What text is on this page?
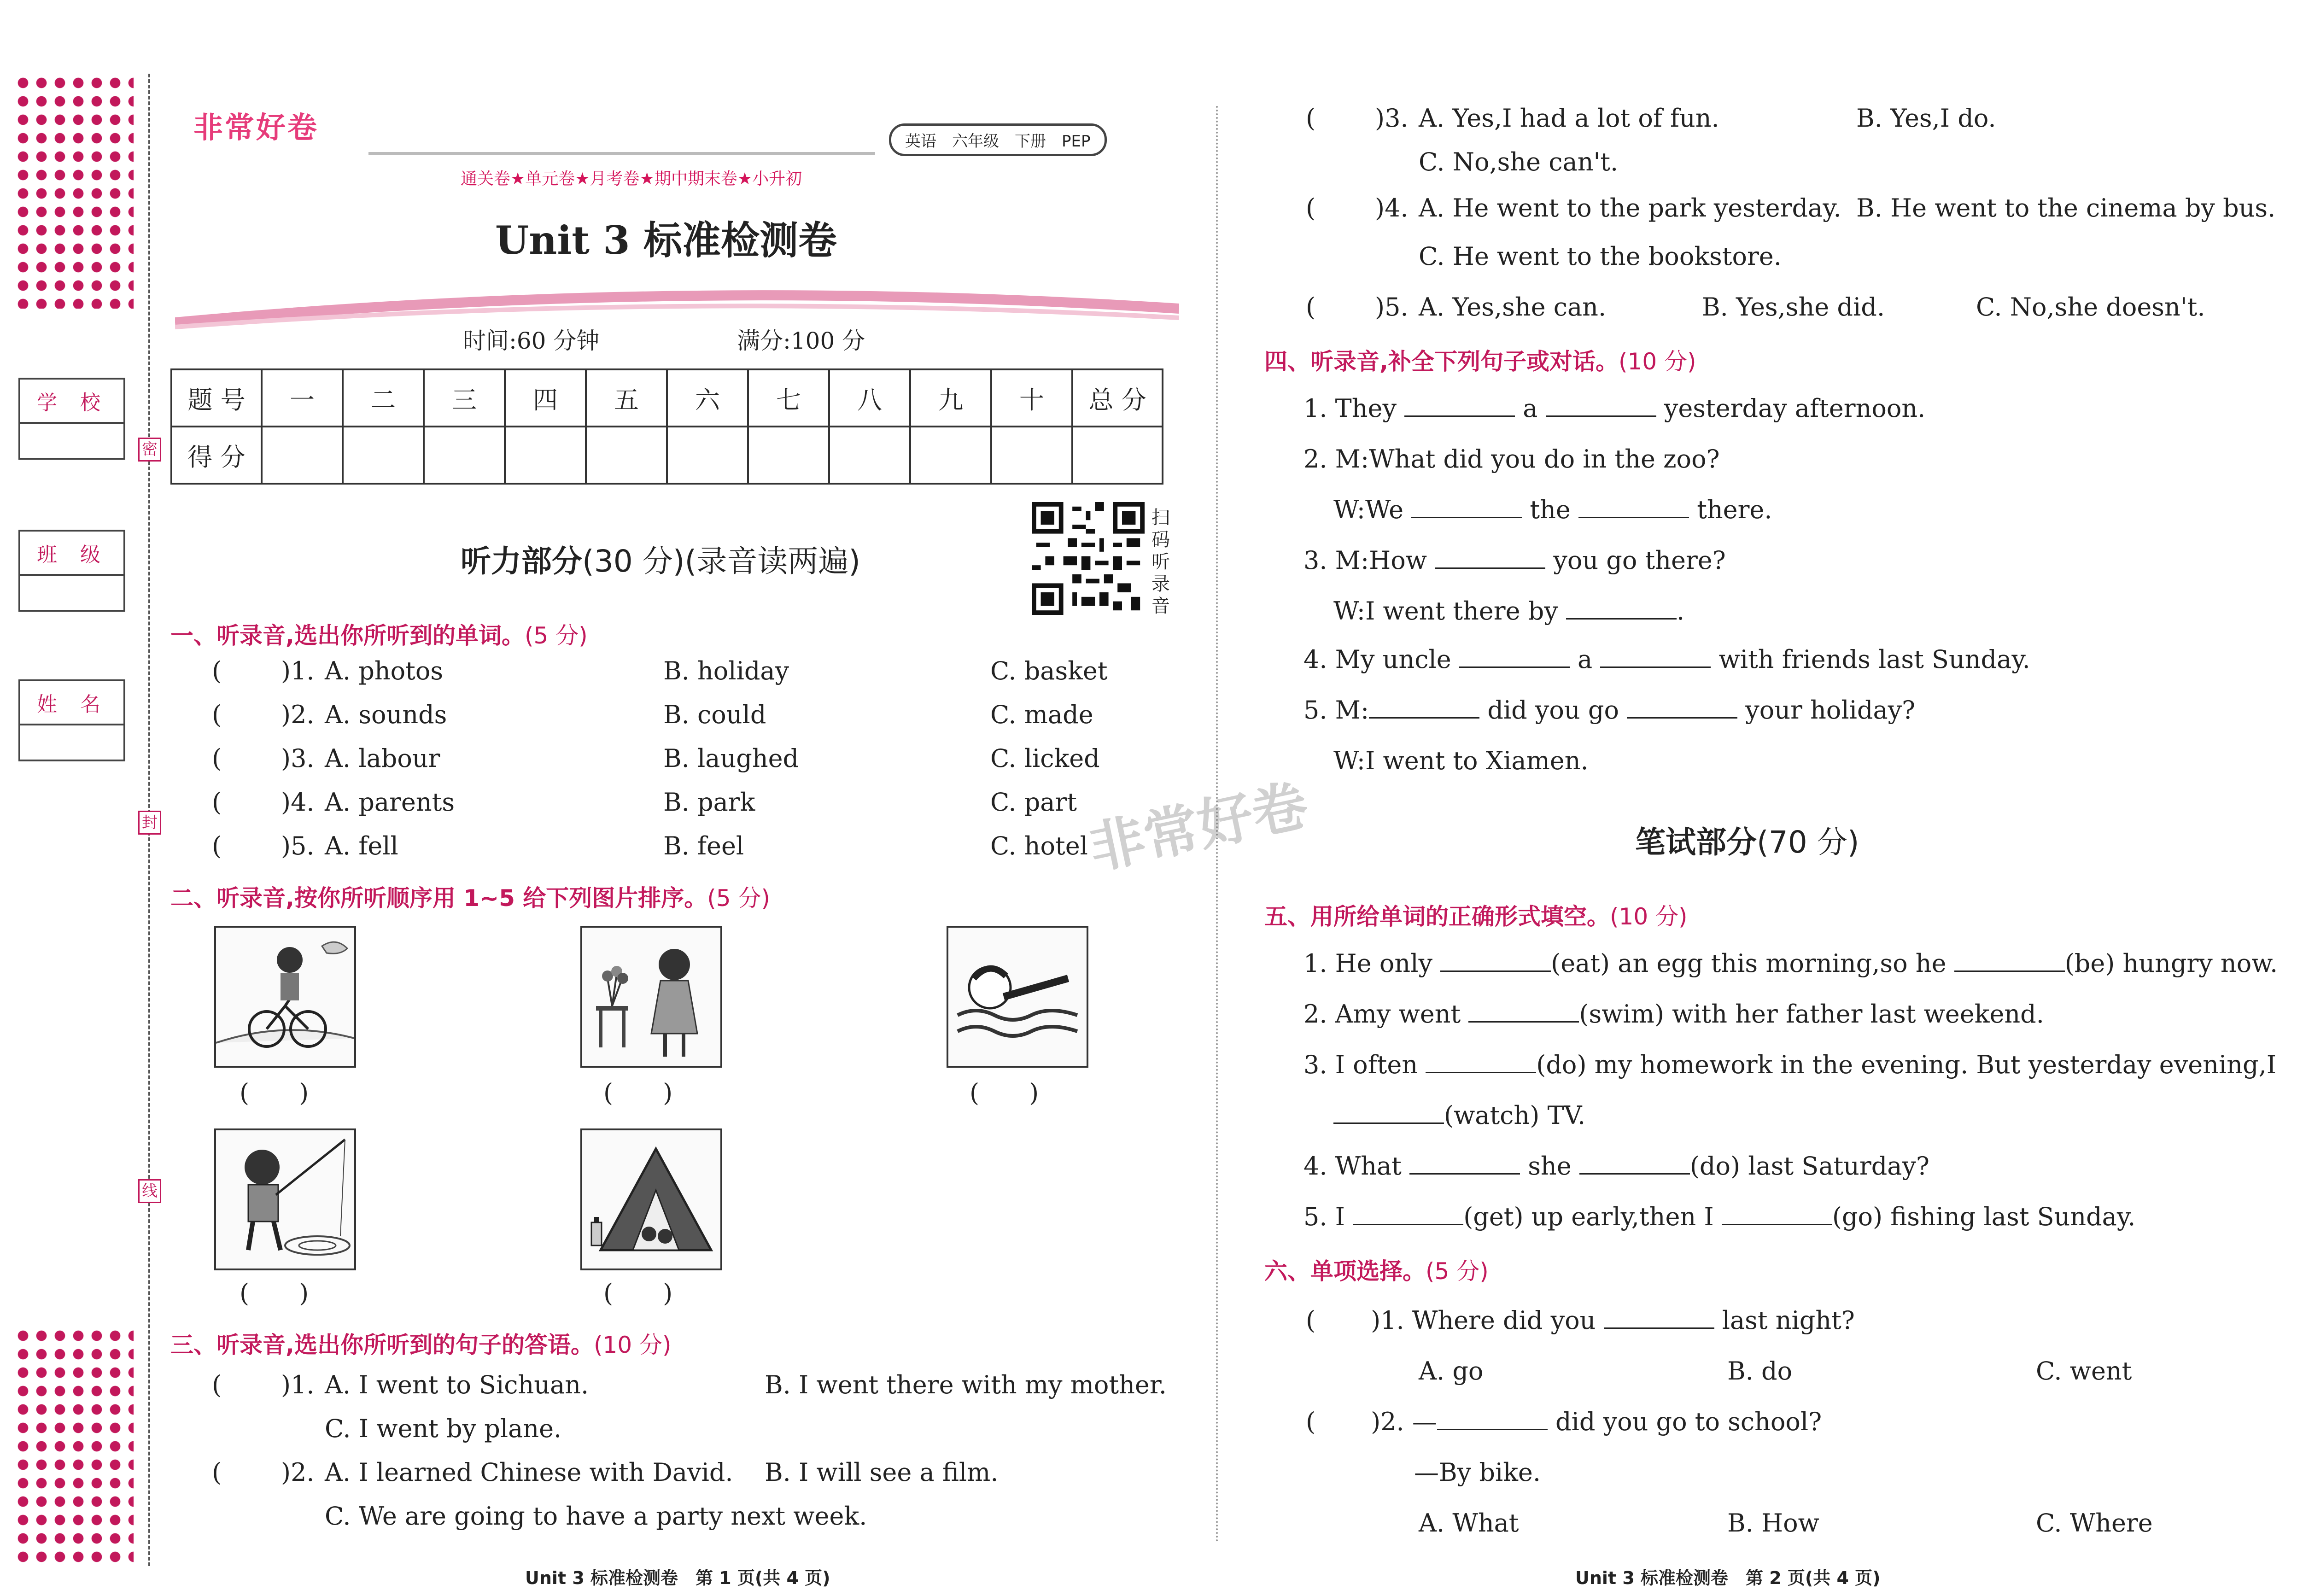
学 校
班 级
姓 名
密
封
线
非常好卷	英语　六年级　下册　PEP
通关卷★单元卷★月考卷★期中期末卷★小升初
Unit 3 标准检测卷
时间:60 分钟	满分:100 分
题 号	一	二	三	四	五	六	七	八	九	十	总 分
得 分											
听力部分(30 分)(录音读两遍)
扫码听录音
一、听录音,选出你所听到的单词。(5 分)
( )1. A. photos	B. holiday	C. basket
( )2. A. sounds	B. could	C. made
( )3. A. labour	B. laughed	C. licked
( )4. A. parents	B. park	C. part
( )5. A. fell	B. feel	C. hotel
二、听录音,按你所听顺序用 1~5 给下列图片排序。(5 分)
(　　)	(　　)	(　　)
(　　)	(　　)
三、听录音,选出你所听到的句子的答语。(10 分)
( )1. A. I went to Sichuan.	B. I went there with my mother.
C. I went by plane.
( )2. A. I learned Chinese with David. B. I will see a film.
C. We are going to have a party next week.
Unit 3 标准检测卷　第 1 页(共 4 页)
( )3. A. Yes,I had a lot of fun.	B. Yes,I do.
C. No,she can't.
( )4. A. He went to the park yesterday. B. He went to the cinema by bus.
C. He went to the bookstore.
( )5. A. Yes,she can.	B. Yes,she did.	C. No,she doesn't.
四、听录音,补全下列句子或对话。(10 分)
1. They	a	yesterday afternoon.
2. M:What did you do in the zoo?
W:We	the	there.
3. M:How	you go there?
W:I went there by	.
4. My uncle	a	with friends last Sunday.
5. M:	did you go	your holiday?
W:I went to Xiamen.
非常好卷	笔试部分(70 分)
五、用所给单词的正确形式填空。(10 分)
1. He only	(eat) an egg this morning,so he	(be) hungry now.
2. Amy went	(swim) with her father last weekend.
3. I often	(do) my homework in the evening. But yesterday evening,I
(watch) TV.
4. What	she	(do) last Saturday?
5. I	(get) up early,then I	(go) fishing last Sunday.
六、单项选择。(5 分)
( )1. Where did you	last night?
A. go	B. do	C. went
( )2. —	did you go to school?
—By bike.
A. What	B. How	C. Where
Unit 3 标准检测卷　第 2 页(共 4 页)
